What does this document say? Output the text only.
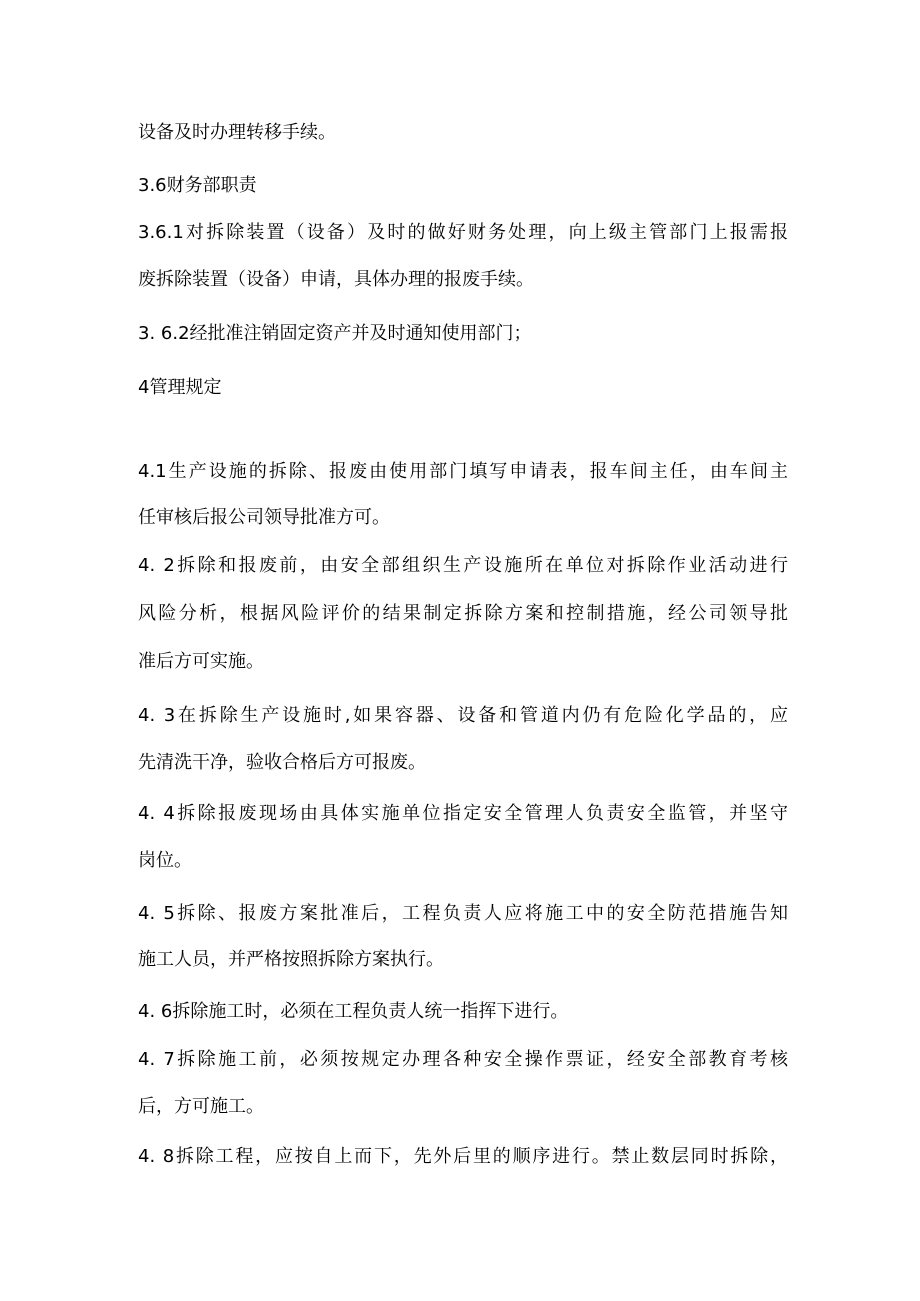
设备及时办理转移手续。
3.6财务部职责
3.6.1对拆除装置（设备）及时的做好财务处理，向上级主管部门上报需报
废拆除装置（设备）申请，具体办理的报废手续。
3. 6.2经批准注销固定资产并及时通知使用部门；
4管理规定
4.1生产设施的拆除、报废由使用部门填写申请表，报车间主任，由车间主
任审核后报公司领导批准方可。
4. 2拆除和报废前，由安全部组织生产设施所在单位对拆除作业活动进行
风险分析，根据风险评价的结果制定拆除方案和控制措施，经公司领导批
准后方可实施。
4. 3在拆除生产设施时,如果容器、设备和管道内仍有危险化学品的，应
先清洗干净，验收合格后方可报废。
4. 4拆除报废现场由具体实施单位指定安全管理人负责安全监管，并坚守
岗位。
4. 5拆除、报废方案批准后，工程负责人应将施工中的安全防范措施告知
施工人员，并严格按照拆除方案执行。
4. 6拆除施工时，必须在工程负责人统一指挥下进行。
4. 7拆除施工前，必须按规定办理各种安全操作票证，经安全部教育考核
后，方可施工。
4. 8拆除工程，应按自上而下，先外后里的顺序进行。禁止数层同时拆除，
